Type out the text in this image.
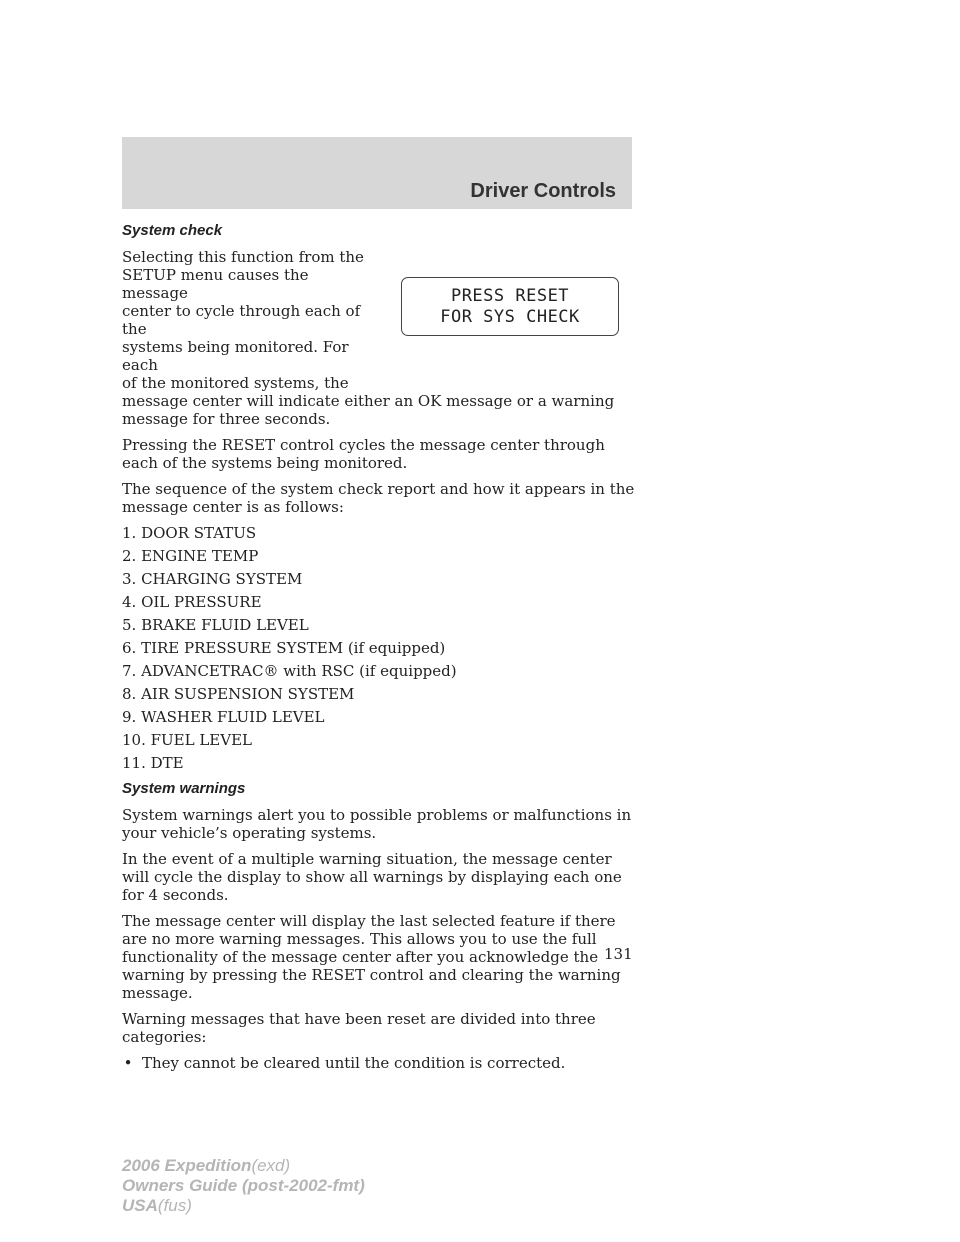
Driver Controls
System check
Selecting this function from the
SETUP menu causes the message
center to cycle through each of the
systems being monitored. For each
of the monitored systems, the
PRESS RESET
FOR SYS CHECK

message center will indicate either an OK message or a warning message for three seconds.

Pressing the RESET control cycles the message center through each of the systems being monitored.

The sequence of the system check report and how it appears in the message center is as follows:

1. DOOR STATUS
2. ENGINE TEMP
3. CHARGING SYSTEM
4. OIL PRESSURE
5. BRAKE FLUID LEVEL
6. TIRE PRESSURE SYSTEM (if equipped)
7. ADVANCETRAC® with RSC (if equipped)
8. AIR SUSPENSION SYSTEM
9. WASHER FLUID LEVEL
10. FUEL LEVEL
11. DTE
System warnings

System warnings alert you to possible problems or malfunctions in your vehicle’s operating systems.

In the event of a multiple warning situation, the message center will cycle the display to show all warnings by displaying each one for 4 seconds.

The message center will display the last selected feature if there are no more warning messages. This allows you to use the full functionality of the message center after you acknowledge the warning by pressing the RESET control and clearing the warning message.

Warning messages that have been reset are divided into three categories:

• They cannot be cleared until the condition is corrected.
131
2006 Expedition(exd)
Owners Guide (post-2002-fmt)
USA(fus)
